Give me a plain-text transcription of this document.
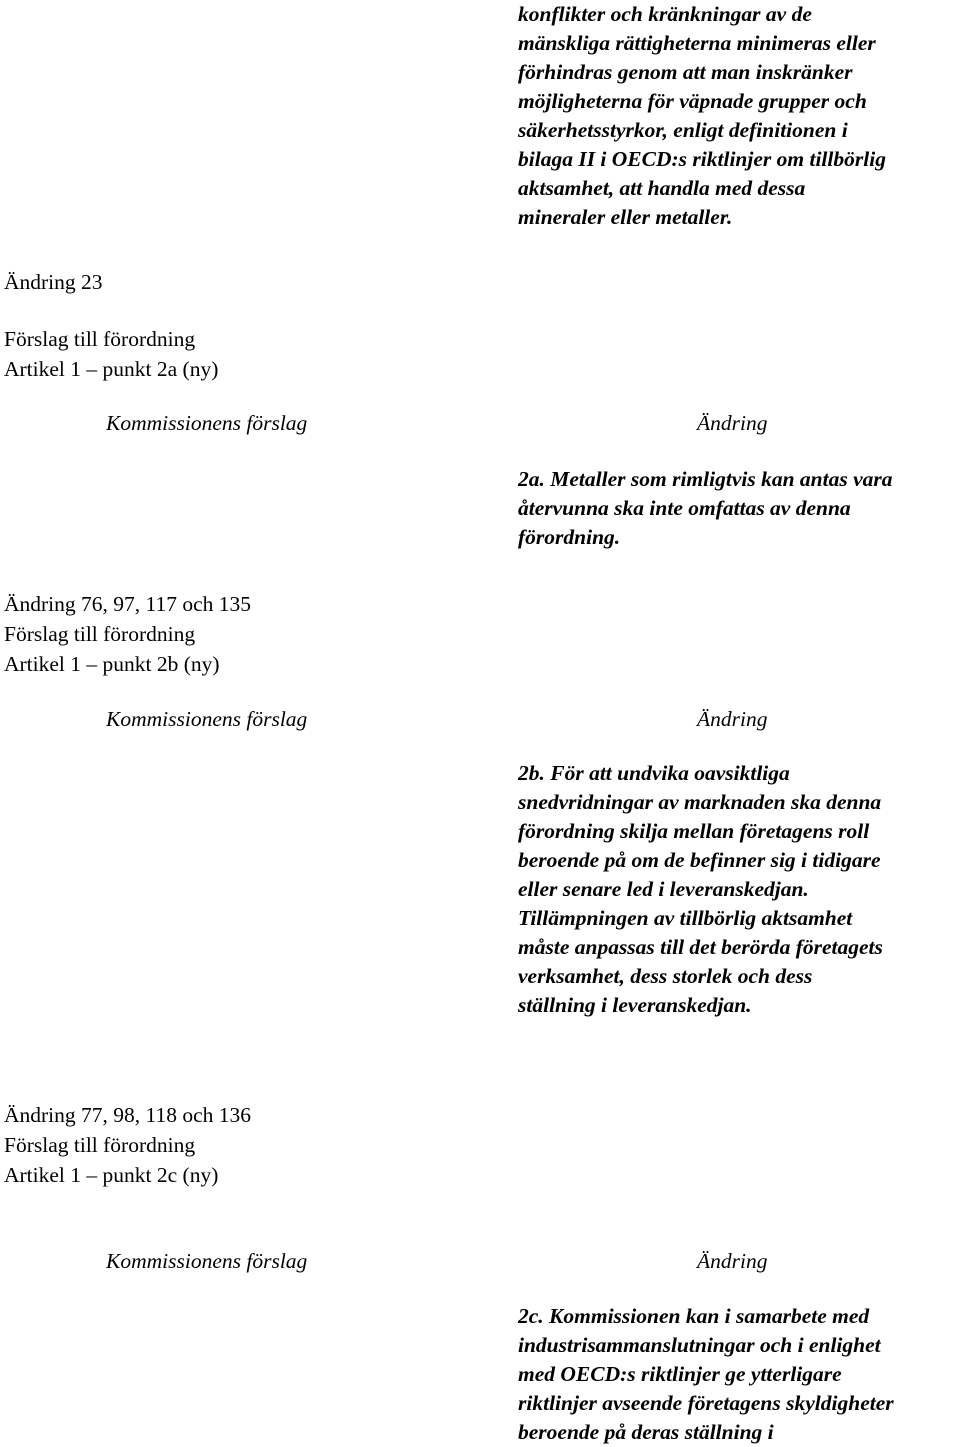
konflikter och kränkningar av de
mänskliga rättigheterna minimeras eller
förhindras genom att man inskränker
möjligheterna för väpnade grupper och
säkerhetsstyrkor, enligt definitionen i
bilaga II i OECD:s riktlinjer om tillbörlig
aktsamhet, att handla med dessa
mineraler eller metaller.

Ändring 23

Förslag till förordning
Artikel 1 – punkt 2a (ny)

Kommissionens förslag	Ändring

2a. Metaller som rimligtvis kan antas vara
återvunna ska inte omfattas av denna
förordning.

Ändring 76, 97, 117 och 135

Förslag till förordning
Artikel 1 – punkt 2b (ny)

Kommissionens förslag	Ändring

2b. För att undvika oavsiktliga
snedvridningar av marknaden ska denna
förordning skilja mellan företagens roll
beroende på om de befinner sig i tidigare
eller senare led i leveranskedjan.
Tillämpningen av tillbörlig aktsamhet
måste anpassas till det berörda företagets
verksamhet, dess storlek och dess
ställning i leveranskedjan.

Ändring 77, 98, 118 och 136

Förslag till förordning
Artikel 1 – punkt 2c (ny)

Kommissionens förslag	Ändring

2c. Kommissionen kan i samarbete med
industrisammanslutningar och i enlighet
med OECD:s riktlinjer ge ytterligare
riktlinjer avseende företagens skyldigheter
beroende på deras ställning i
